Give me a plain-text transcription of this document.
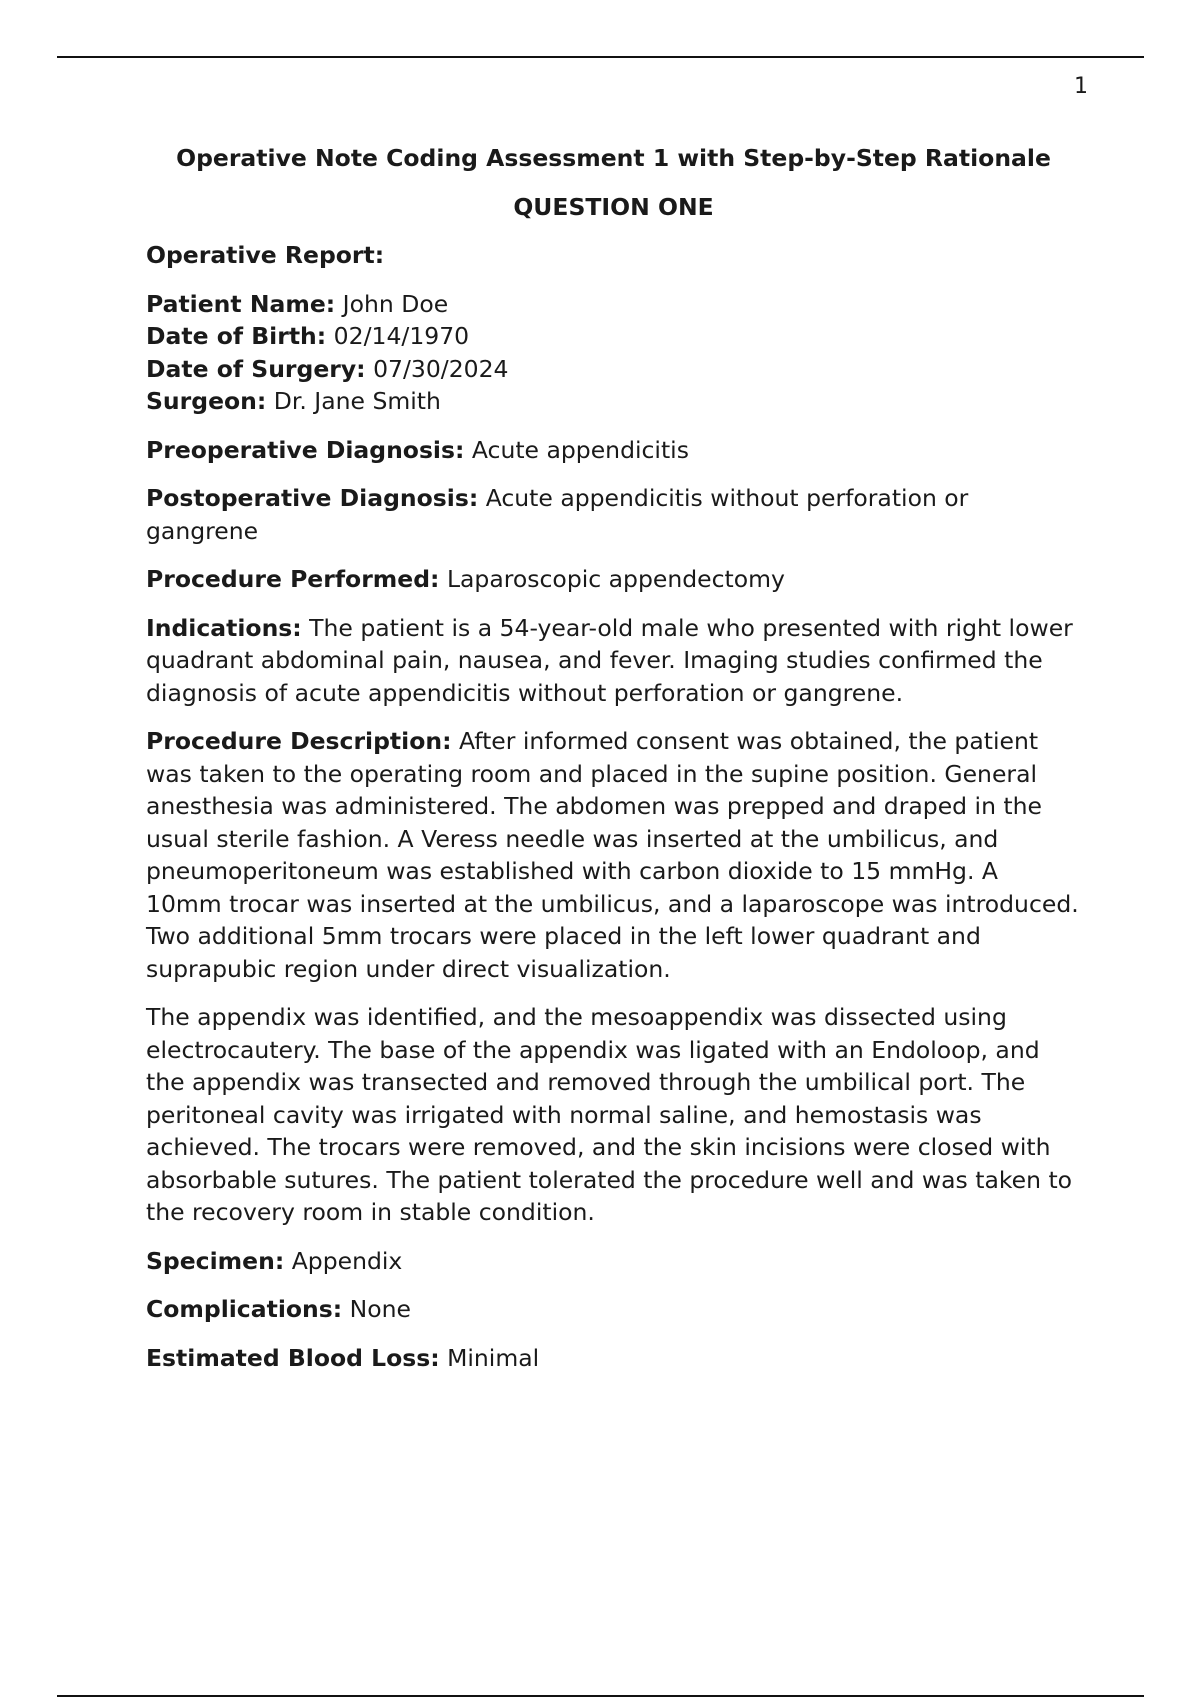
1
Operative Note Coding Assessment 1 with Step-by-Step Rationale
QUESTION ONE
Operative Report:
Patient Name: John Doe
Date of Birth: 02/14/1970
Date of Surgery: 07/30/2024
Surgeon: Dr. Jane Smith
Preoperative Diagnosis: Acute appendicitis
Postoperative Diagnosis: Acute appendicitis without perforation or gangrene
Procedure Performed: Laparoscopic appendectomy
Indications: The patient is a 54-year-old male who presented with right lower quadrant abdominal pain, nausea, and fever. Imaging studies confirmed the diagnosis of acute appendicitis without perforation or gangrene.
Procedure Description: After informed consent was obtained, the patient was taken to the operating room and placed in the supine position. General anesthesia was administered. The abdomen was prepped and draped in the usual sterile fashion. A Veress needle was inserted at the umbilicus, and pneumoperitoneum was established with carbon dioxide to 15 mmHg. A 10mm trocar was inserted at the umbilicus, and a laparoscope was introduced. Two additional 5mm trocars were placed in the left lower quadrant and suprapubic region under direct visualization.
The appendix was identified, and the mesoappendix was dissected using electrocautery. The base of the appendix was ligated with an Endoloop, and the appendix was transected and removed through the umbilical port. The peritoneal cavity was irrigated with normal saline, and hemostasis was achieved. The trocars were removed, and the skin incisions were closed with absorbable sutures. The patient tolerated the procedure well and was taken to the recovery room in stable condition.
Specimen: Appendix
Complications: None
Estimated Blood Loss: Minimal
